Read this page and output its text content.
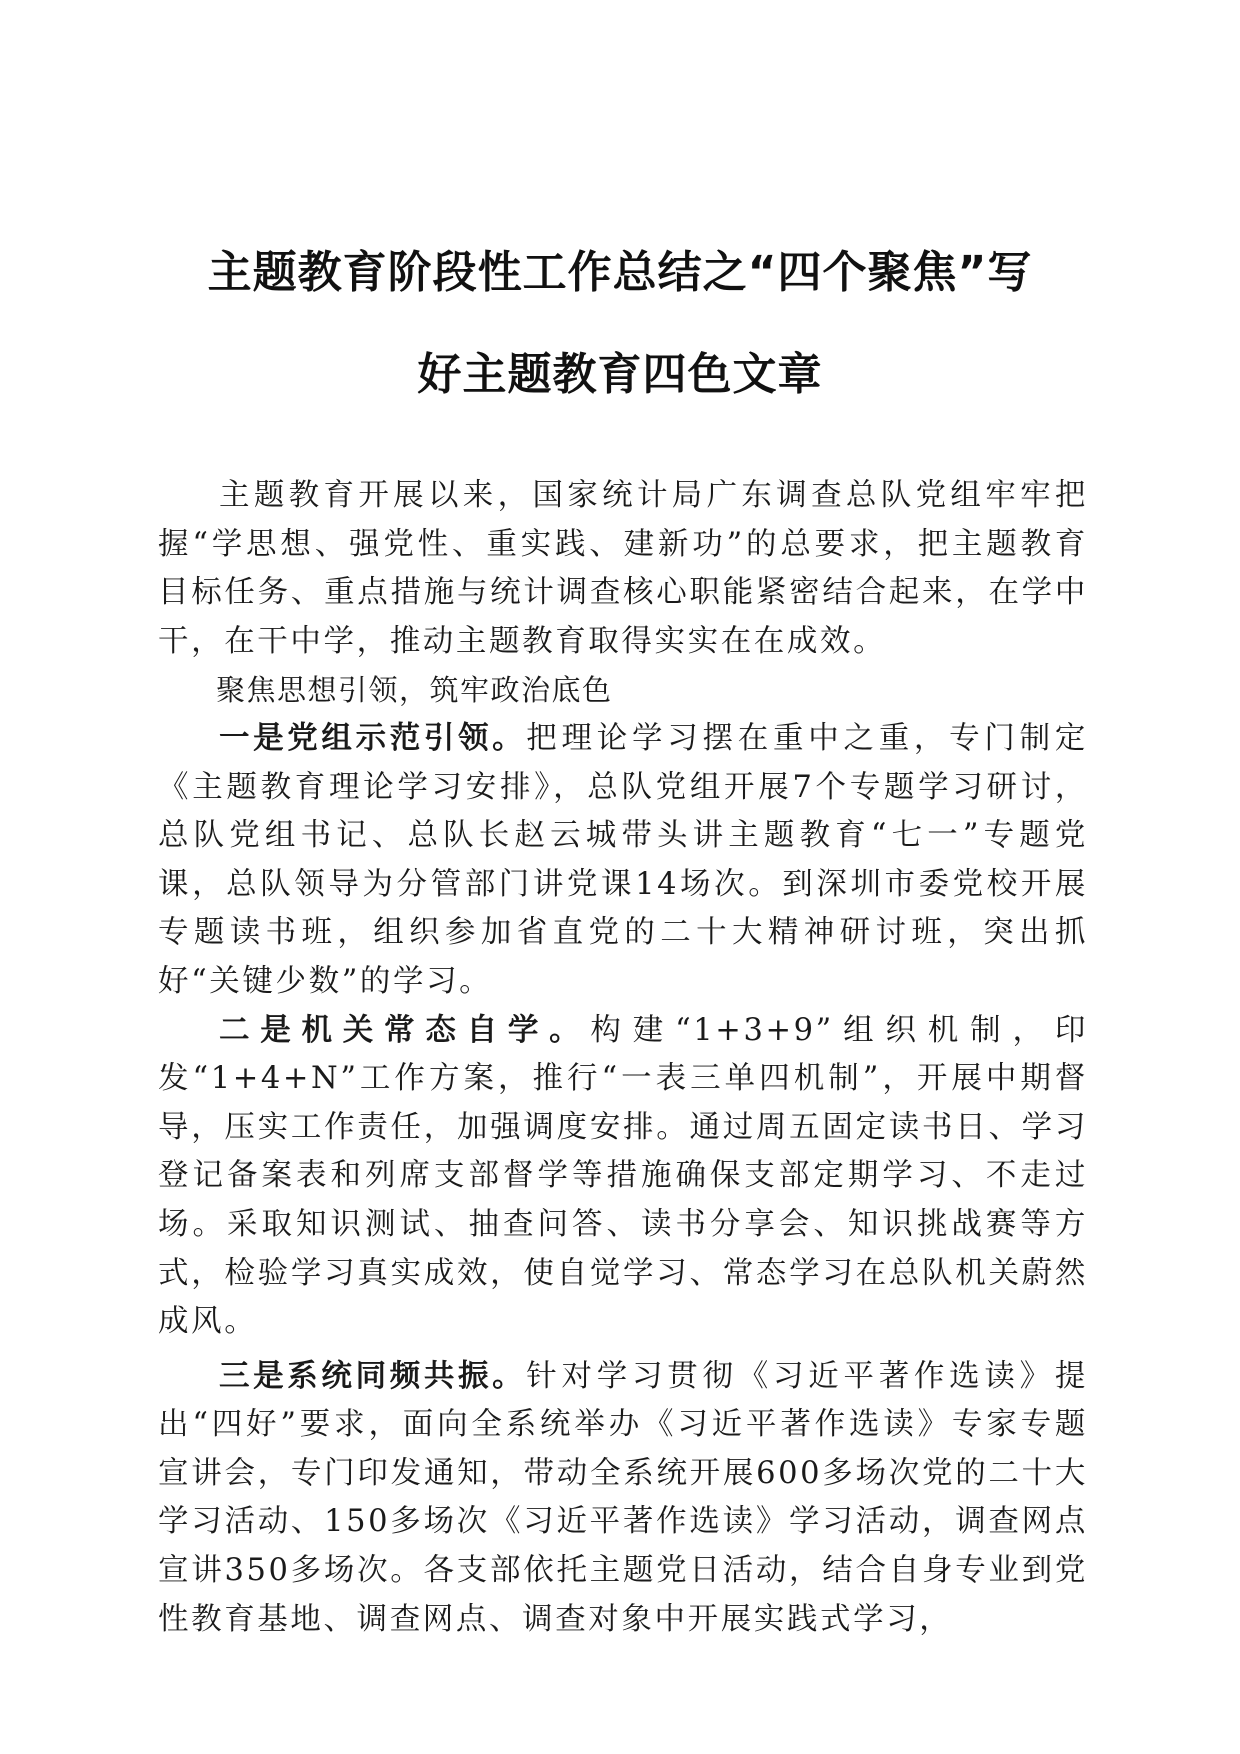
主题教育阶段性工作总结之“四个聚焦”写
好主题教育四色文章

主题教育开展以来，国家统计局广东调查总队党组牢牢把握“学思想、强党性、重实践、建新功”的总要求，把主题教育目标任务、重点措施与统计调查核心职能紧密结合起来，在学中干，在干中学，推动主题教育取得实实在在成效。

聚焦思想引领，筑牢政治底色

一是党组示范引领。把理论学习摆在重中之重，专门制定《主题教育理论学习安排》，总队党组开展7个专题学习研讨，总队党组书记、总队长赵云城带头讲主题教育“七一”专题党课，总队领导为分管部门讲党课14场次。到深圳市委党校开展专题读书班，组织参加省直党的二十大精神研讨班，突出抓好“关键少数”的学习。

二是机关常态自学。构建“1+3+9”组织机制，印发“1+4+N”工作方案，推行“一表三单四机制”，开展中期督导，压实工作责任，加强调度安排。通过周五固定读书日、学习登记备案表和列席支部督学等措施确保支部定期学习、不走过场。采取知识测试、抽查问答、读书分享会、知识挑战赛等方式，检验学习真实成效，使自觉学习、常态学习在总队机关蔚然成风。

三是系统同频共振。针对学习贯彻《习近平著作选读》提出“四好”要求，面向全系统举办《习近平著作选读》专家专题宣讲会，专门印发通知，带动全系统开展600多场次党的二十大学习活动、150多场次《习近平著作选读》学习活动，调查网点宣讲350多场次。各支部依托主题党日活动，结合自身专业到党性教育基地、调查网点、调查对象中开展实践式学习，
